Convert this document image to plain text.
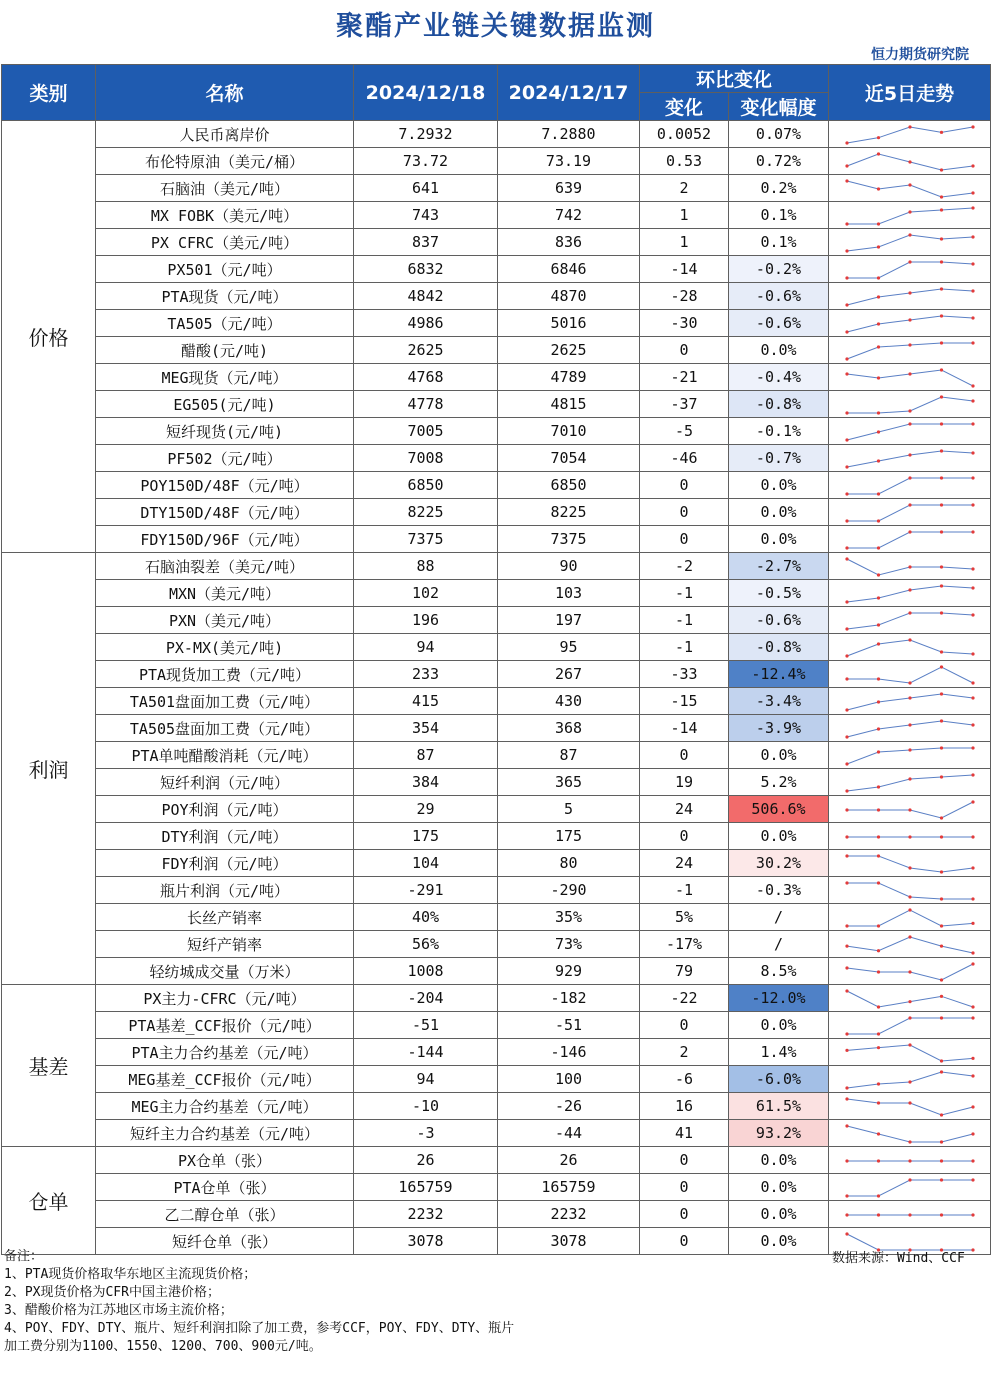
聚酯产业链关键数据监测
恒力期货研究院
类别	名称	2024/12/18	2024/12/17	环比变化		近5日走势
				变化	变化幅度	
价格	人民币离岸价	7.2932	7.2880	0.0052	0.07%	

	布伦特原油（美元/桶）	73.72	73.19	0.53	0.72%	

	石脑油（美元/吨）	641	639	2	0.2%	

	MX FOBK（美元/吨）	743	742	1	0.1%	

	PX CFRC（美元/吨）	837	836	1	0.1%	

	PX501（元/吨）	6832	6846	-14	-0.2%	

	PTA现货（元/吨）	4842	4870	-28	-0.6%	

	TA505（元/吨）	4986	5016	-30	-0.6%	

	醋酸(元/吨)	2625	2625	0	0.0%	

	MEG现货（元/吨）	4768	4789	-21	-0.4%	

	EG505(元/吨)	4778	4815	-37	-0.8%	

	短纤现货(元/吨)	7005	7010	-5	-0.1%	

	PF502（元/吨）	7008	7054	-46	-0.7%	

	POY150D/48F（元/吨）	6850	6850	0	0.0%	

	DTY150D/48F（元/吨）	8225	8225	0	0.0%	

	FDY150D/96F（元/吨）	7375	7375	0	0.0%	

利润	石脑油裂差（美元/吨）	88	90	-2	-2.7%	

	MXN（美元/吨）	102	103	-1	-0.5%	

	PXN（美元/吨）	196	197	-1	-0.6%	

	PX-MX(美元/吨)	94	95	-1	-0.8%	

	PTA现货加工费（元/吨）	233	267	-33	-12.4%	

	TA501盘面加工费（元/吨）	415	430	-15	-3.4%	

	TA505盘面加工费（元/吨）	354	368	-14	-3.9%	

	PTA单吨醋酸消耗（元/吨）	87	87	0	0.0%	

	短纤利润（元/吨）	384	365	19	5.2%	

	POY利润（元/吨）	29	5	24	506.6%	

	DTY利润（元/吨）	175	175	0	0.0%	

	FDY利润（元/吨）	104	80	24	30.2%	

	瓶片利润（元/吨）	-291	-290	-1	-0.3%	

	长丝产销率	40%	35%	5%	/	

	短纤产销率	56%	73%	-17%	/	

	轻纺城成交量（万米）	1008	929	79	8.5%	

基差	PX主力-CFRC（元/吨）	-204	-182	-22	-12.0%	

	PTA基差_CCF报价（元/吨）	-51	-51	0	0.0%	

	PTA主力合约基差（元/吨）	-144	-146	2	1.4%	

	MEG基差_CCF报价（元/吨）	94	100	-6	-6.0%	

	MEG主力合约基差（元/吨）	-10	-26	16	61.5%	

	短纤主力合约基差（元/吨）	-3	-44	41	93.2%	

仓单	PX仓单（张）	26	26	0	0.0%	

	PTA仓单（张）	165759	165759	0	0.0%	

	乙二醇仓单（张）	2232	2232	0	0.0%	

	短纤仓单（张）	3078	3078	0	0.0%	
备注：
1、PTA现货价格取华东地区主流现货价格；
2、PX现货价格为CFR中国主港价格；
3、醋酸价格为江苏地区市场主流价格；
4、POY、FDY、DTY、瓶片、短纤利润扣除了加工费，参考CCF，POY、FDY、DTY、瓶片
加工费分别为1100、1550、1200、700、900元/吨。
数据来源：Wind、CCF
